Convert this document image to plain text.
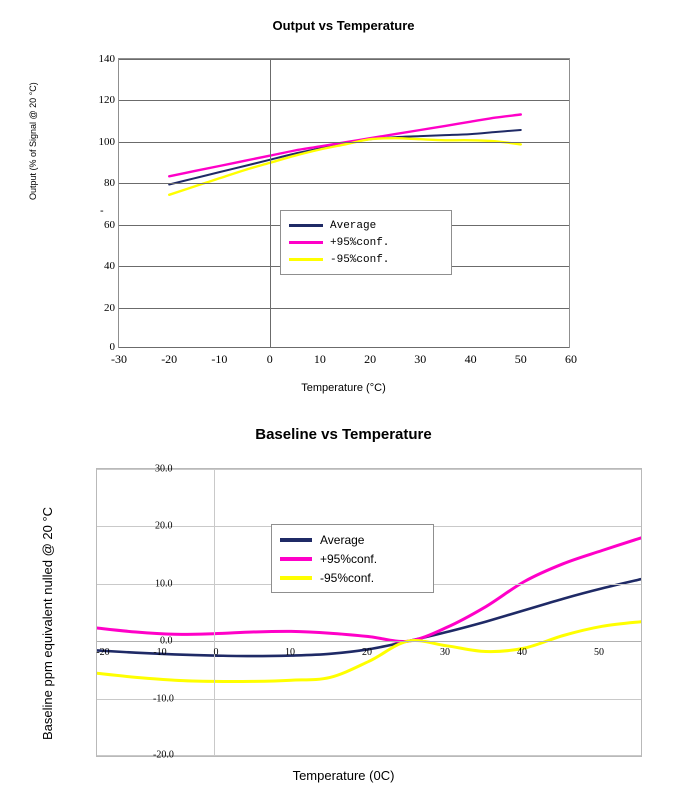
Output vs Temperature
Output (% of Signal @ 20 °C)
-
140
120
100
80
60
40
20
0
-30	-20	-10	0	10	20	30	40	50	60
Average
+95%conf.
-95%conf.
Temperature (°C)
Baseline vs Temperature
Baseline ppm equivalent nulled @ 20 °C
30.0
20.0
10.0
0.0
-10.0
-20.0
-20	-10	0	10	20	30	40	50
Average
+95%conf.
-95%conf.
Temperature (0C)
